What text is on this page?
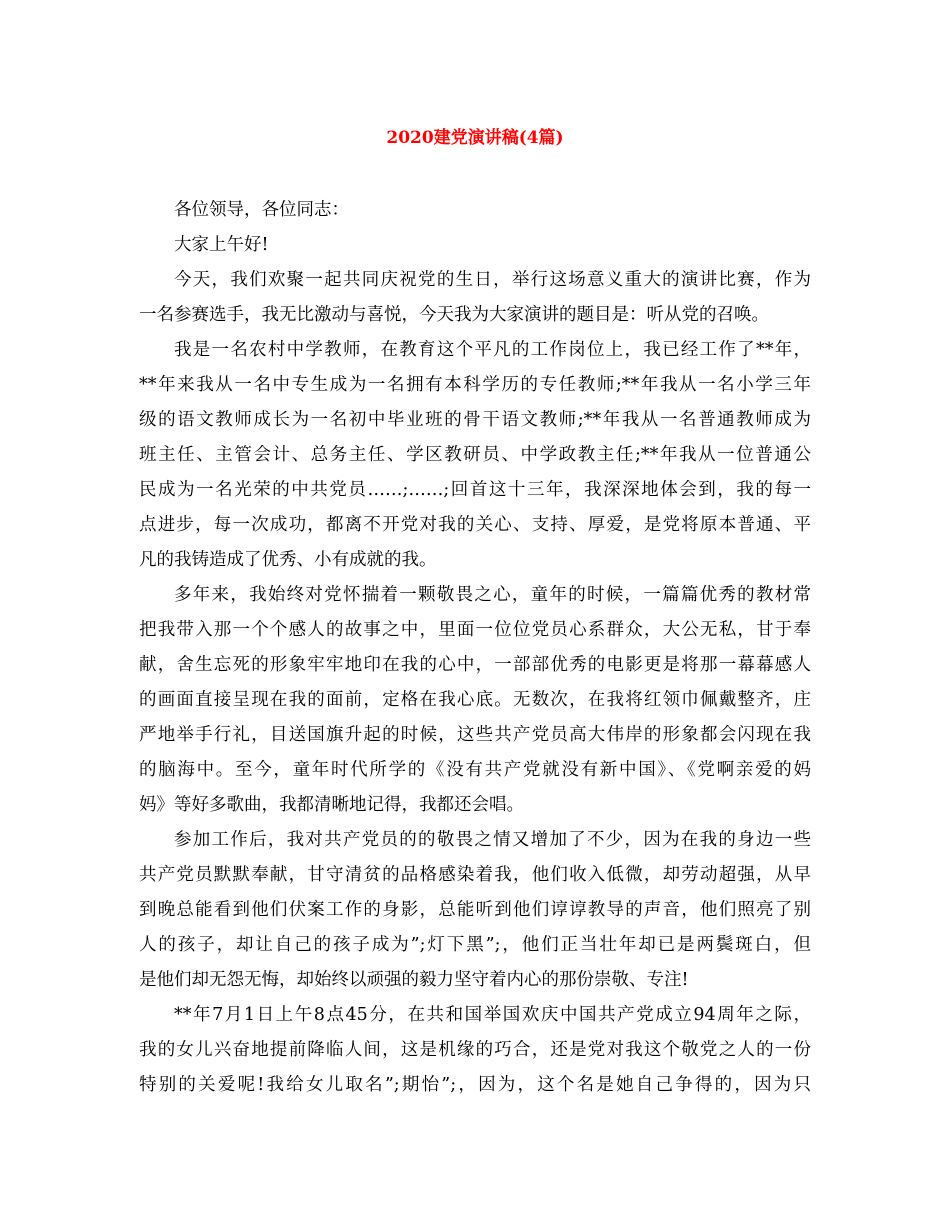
2020建党演讲稿(4篇)
各位领导，各位同志：
大家上午好!
今天，我们欢聚一起共同庆祝党的生日，举行这场意义重大的演讲比赛，作为
一名参赛选手，我无比激动与喜悦，今天我为大家演讲的题目是：听从党的召唤。
我是一名农村中学教师，在教育这个平凡的工作岗位上，我已经工作了**年，
**年来我从一名中专生成为一名拥有本科学历的专任教师;**年我从一名小学三年
级的语文教师成长为一名初中毕业班的骨干语文教师;**年我从一名普通教师成为
班主任、主管会计、总务主任、学区教研员、中学政教主任;**年我从一位普通公
民成为一名光荣的中共党员……;……;回首这十三年，我深深地体会到，我的每一
点进步，每一次成功，都离不开党对我的关心、支持、厚爱，是党将原本普通、平
凡的我铸造成了优秀、小有成就的我。
多年来，我始终对党怀揣着一颗敬畏之心，童年的时候，一篇篇优秀的教材常
把我带入那一个个感人的故事之中，里面一位位党员心系群众，大公无私，甘于奉
献，舍生忘死的形象牢牢地印在我的心中，一部部优秀的电影更是将那一幕幕感人
的画面直接呈现在我的面前，定格在我心底。无数次，在我将红领巾佩戴整齐，庄
严地举手行礼，目送国旗升起的时候，这些共产党员高大伟岸的形象都会闪现在我
的脑海中。至今，童年时代所学的《没有共产党就没有新中国》、《党啊亲爱的妈
妈》等好多歌曲，我都清晰地记得，我都还会唱。
参加工作后，我对共产党员的的敬畏之情又增加了不少，因为在我的身边一些
共产党员默默奉献，甘守清贫的品格感染着我，他们收入低微，却劳动超强，从早
到晚总能看到他们伏案工作的身影，总能听到他们谆谆教导的声音，他们照亮了别
人的孩子，却让自己的孩子成为”;灯下黑”;，他们正当壮年却已是两鬓斑白，但
是他们却无怨无悔，却始终以顽强的毅力坚守着内心的那份崇敬、专注!
**年7月1日上午8点45分，在共和国举国欢庆中国共产党成立94周年之际，
我的女儿兴奋地提前降临人间，这是机缘的巧合，还是党对我这个敬党之人的一份
特别的关爱呢!我给女儿取名”;期怡”;，因为，这个名是她自己争得的，因为只
